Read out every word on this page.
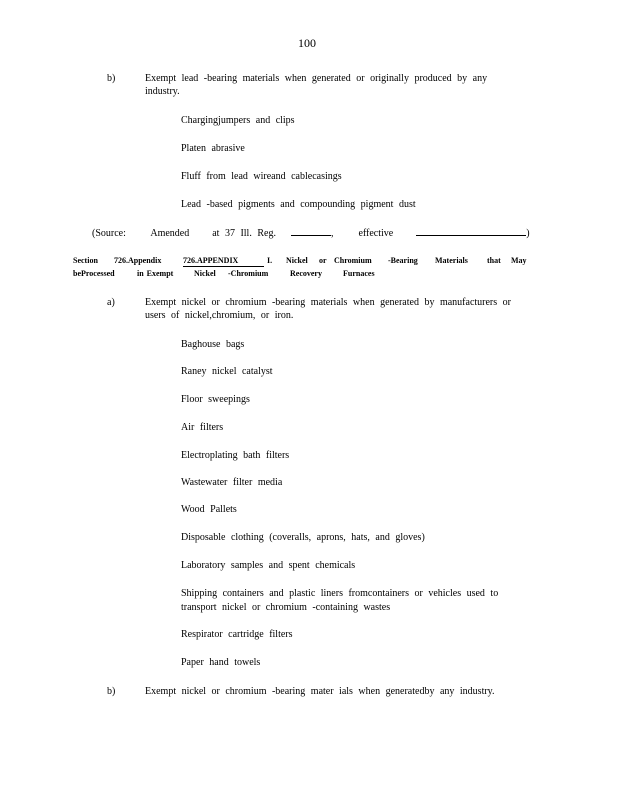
100
b)	Exempt lead -bearing materials when generated or originally produced by any
industry.
Chargingjumpers and clips
Platen abrasive
Fluff from lead wireand cablecasings
Lead -based pigments and compounding pigment dust
(Source: Amended at 37 Ill. Reg.	,	effective	)
Section 726.Appendix	726.APPENDIX	I. Nickel or Chromium -Bearing Materials that May
beProcessed	in Exempt	Nickel -Chromium	Recovery	Furnaces
a)	Exempt nickel or chromium -bearing materials when generated by manufacturers or
users of nickel,chromium, or iron.
Baghouse bags
Raney nickel catalyst
Floor sweepings
Air filters
Electroplating bath filters
Wastewater filter media
Wood Pallets
Disposable clothing (coveralls, aprons, hats, and gloves)
Laboratory samples and spent chemicals
Shipping containers and plastic liners fromcontainers or vehicles used to
transport nickel or chromium -containing wastes
Respirator cartridge filters
Paper hand towels
b)	Exempt nickel or chromium -bearing mater ials when generatedby any industry.
